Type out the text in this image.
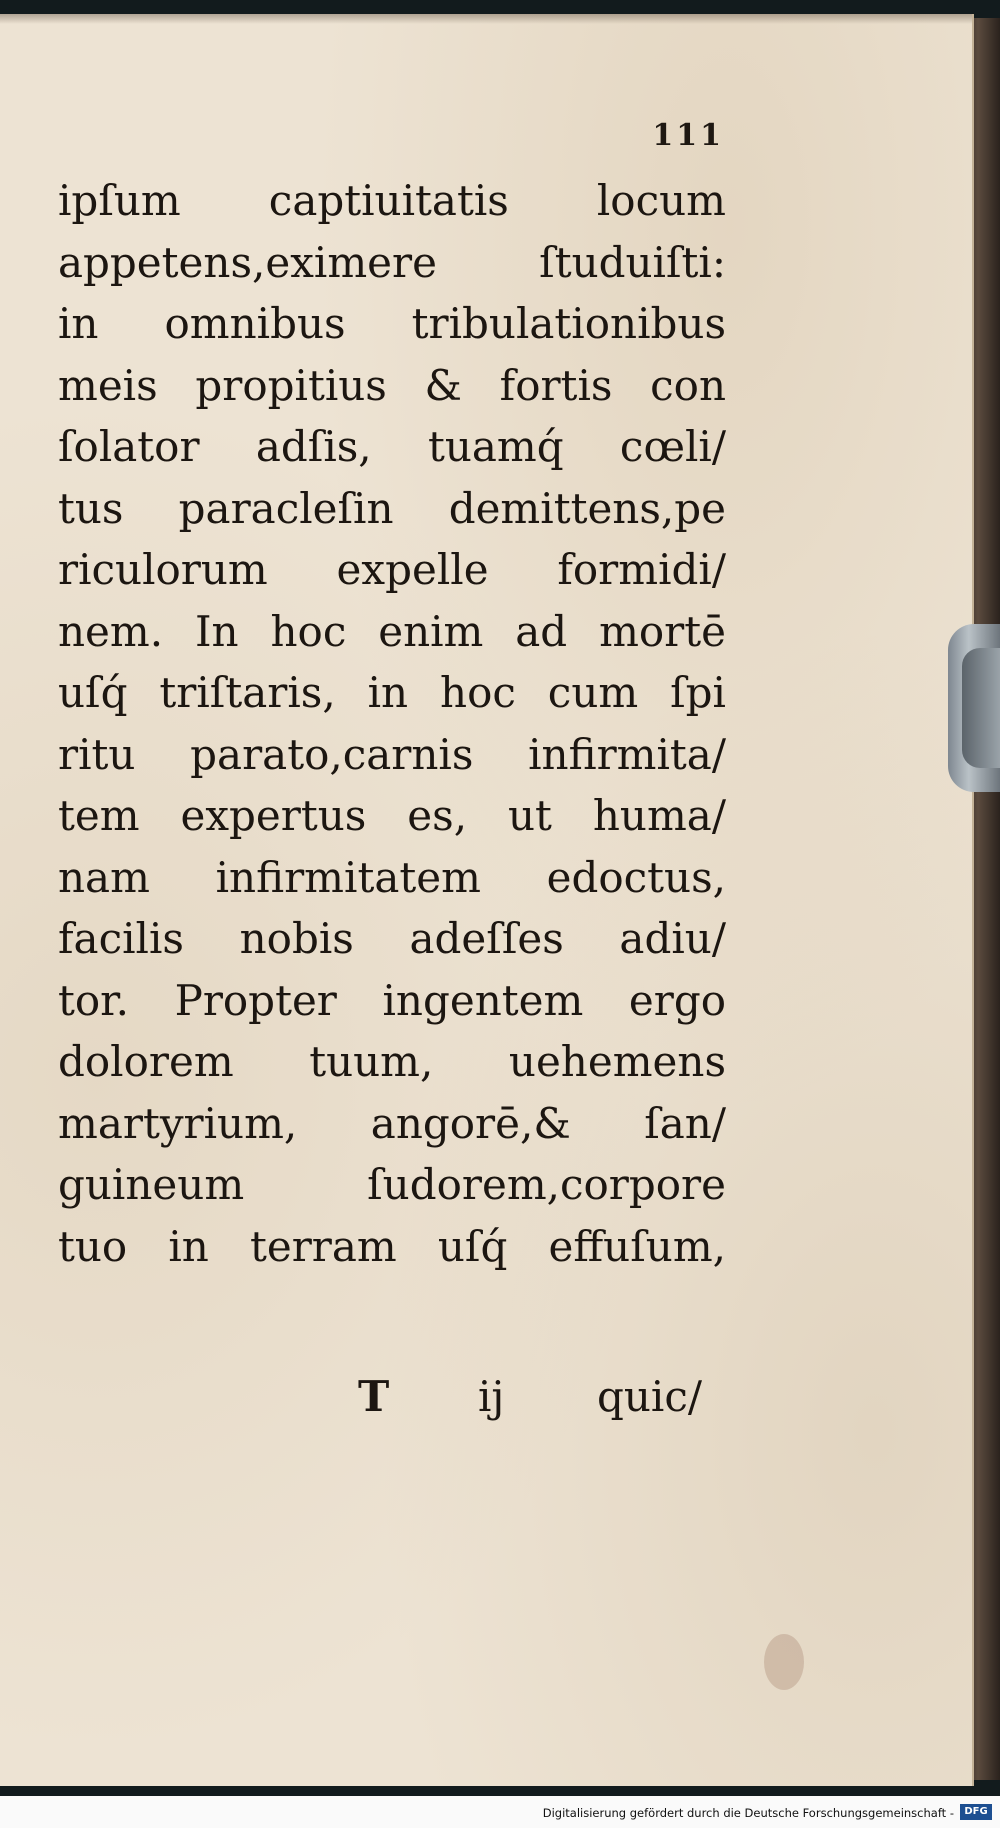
111
ipſum captiuitatis locum
appetens,eximere ſtuduiſti:
in omnibus tribulationibus
meis propitius & fortis con
ſolator adſis, tuamq́ cœli/
tus paracleſin demittens,pe
riculorum expelle formidi/
nem. In hoc enim ad mortē
uſq́ triſtaris, in hoc cum ſpi
ritu parato,carnis infirmita/
tem expertus es, ut huma/
nam infirmitatem edoctus,
facilis nobis adeſſes adiu/
tor. Propter ingentem ergo
dolorem tuum, uehemens
martyrium, angorē,& ſan/
guineum ſudorem,corpore
tuo in terram uſq́ effuſum,
T ij quic/
Digitalisierung gefördert durch die Deutsche Forschungsgemeinschaft -	DFG
